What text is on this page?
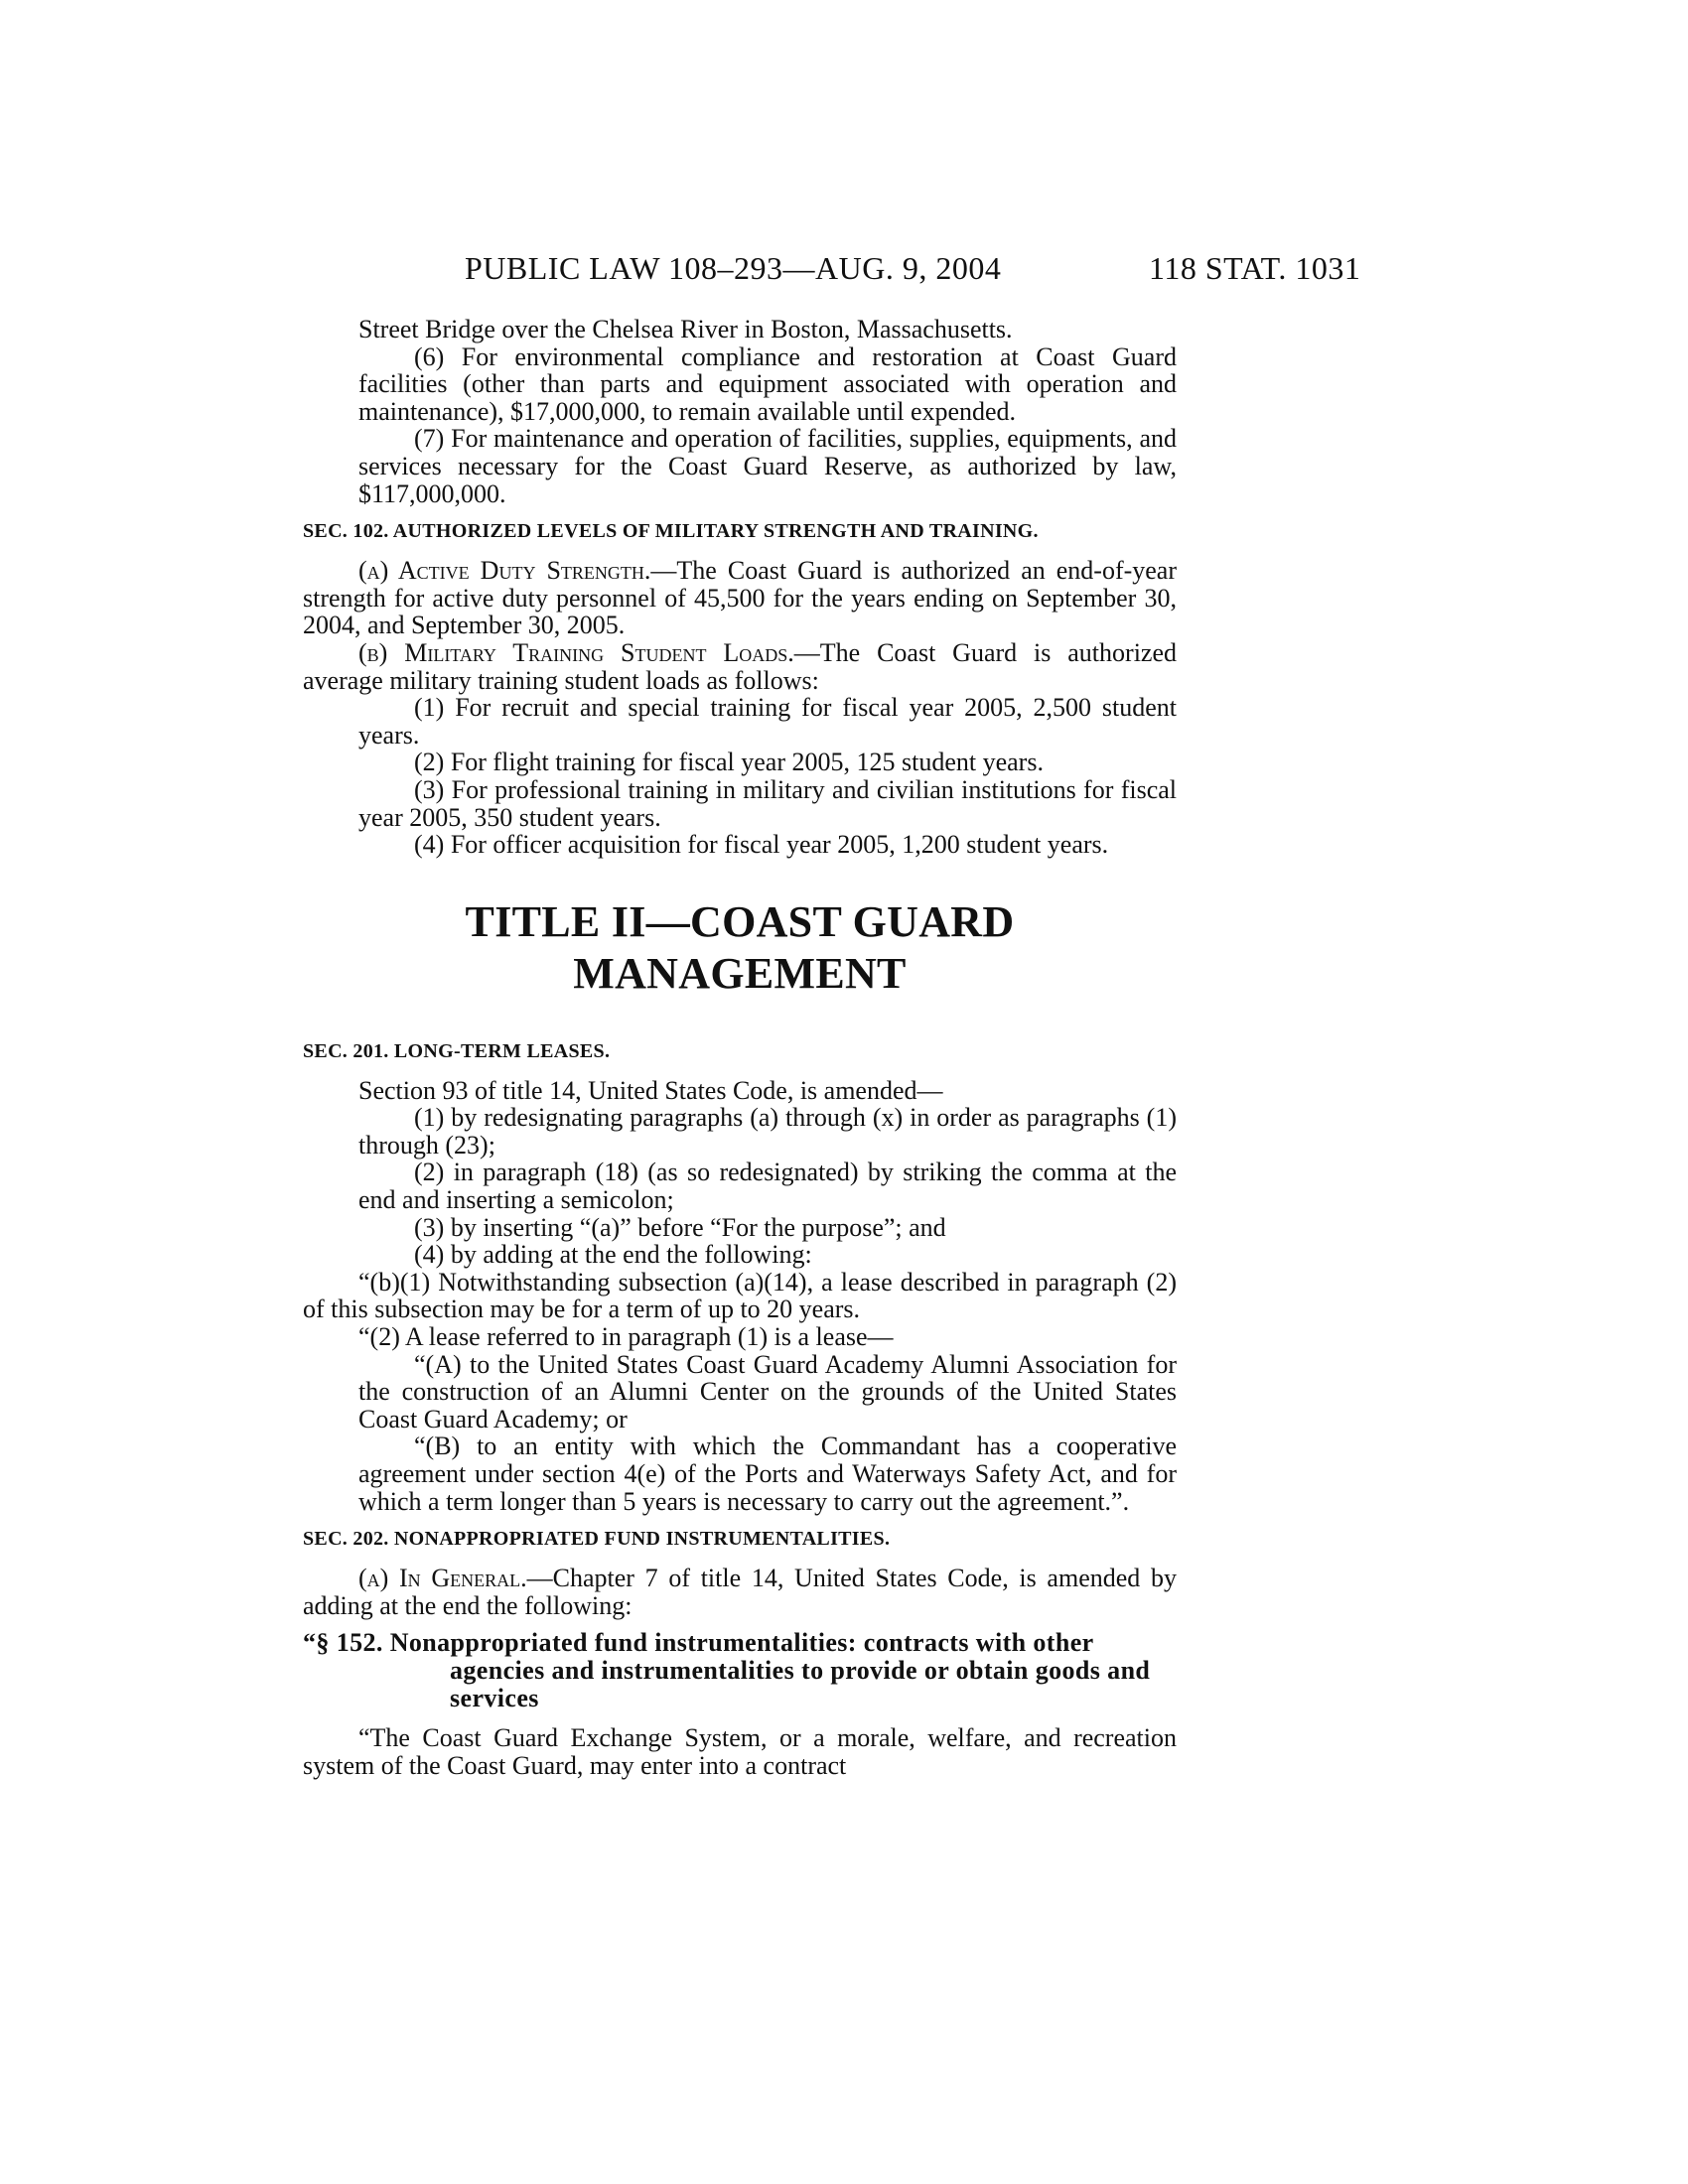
PUBLIC LAW 108–293—AUG. 9, 2004	118 STAT. 1031

Street Bridge over the Chelsea River in Boston, Massachusetts.

(6) For environmental compliance and restoration at Coast Guard facilities (other than parts and equipment associated with operation and maintenance), $17,000,000, to remain available until expended.

(7) For maintenance and operation of facilities, supplies, equipments, and services necessary for the Coast Guard Reserve, as authorized by law, $117,000,000.

SEC. 102. AUTHORIZED LEVELS OF MILITARY STRENGTH AND TRAINING.

(a) Active Duty Strength.—The Coast Guard is authorized an end-of-year strength for active duty personnel of 45,500 for the years ending on September 30, 2004, and September 30, 2005.

(b) Military Training Student Loads.—The Coast Guard is authorized average military training student loads as follows:

(1) For recruit and special training for fiscal year 2005, 2,500 student years.

(2) For flight training for fiscal year 2005, 125 student years.

(3) For professional training in military and civilian institutions for fiscal year 2005, 350 student years.

(4) For officer acquisition for fiscal year 2005, 1,200 student years.

TITLE II—COAST GUARD MANAGEMENT

SEC. 201. LONG-TERM LEASES.

Section 93 of title 14, United States Code, is amended—

(1) by redesignating paragraphs (a) through (x) in order as paragraphs (1) through (23);

(2) in paragraph (18) (as so redesignated) by striking the comma at the end and inserting a semicolon;

(3) by inserting “(a)” before “For the purpose”; and

(4) by adding at the end the following:

“(b)(1) Notwithstanding subsection (a)(14), a lease described in paragraph (2) of this subsection may be for a term of up to 20 years.

“(2) A lease referred to in paragraph (1) is a lease—

“(A) to the United States Coast Guard Academy Alumni Association for the construction of an Alumni Center on the grounds of the United States Coast Guard Academy; or

“(B) to an entity with which the Commandant has a cooperative agreement under section 4(e) of the Ports and Waterways Safety Act, and for which a term longer than 5 years is necessary to carry out the agreement.”.

SEC. 202. NONAPPROPRIATED FUND INSTRUMENTALITIES.

(a) In General.—Chapter 7 of title 14, United States Code, is amended by adding at the end the following:

“§ 152. Nonappropriated fund instrumentalities: contracts with other agencies and instrumentalities to provide or obtain goods and services

“The Coast Guard Exchange System, or a morale, welfare, and recreation system of the Coast Guard, may enter into a contract
